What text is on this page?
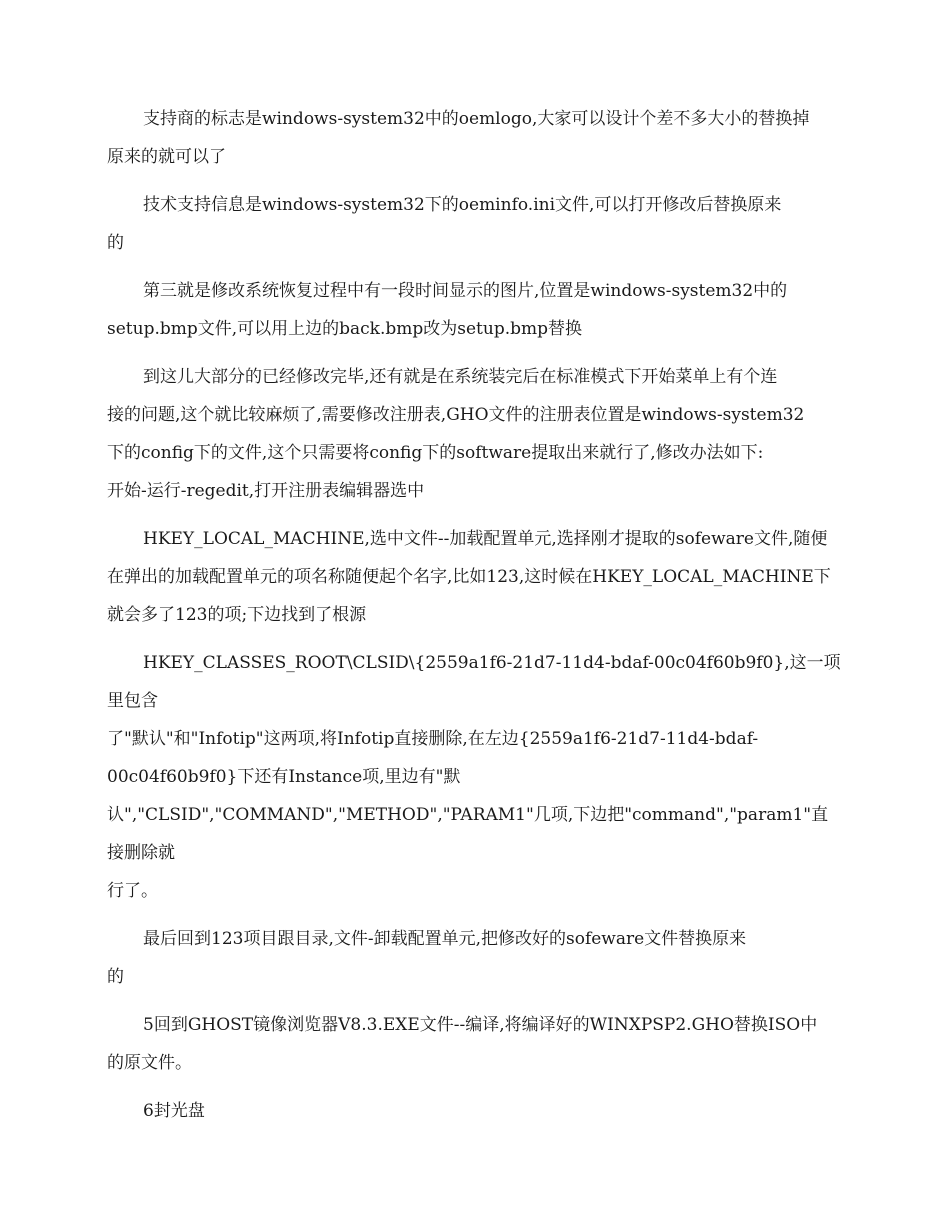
支持商的标志是windows-system32中的oemlogo,大家可以设计个差不多大小的替换掉
原来的就可以了

技术支持信息是windows-system32下的oeminfo.ini文件,可以打开修改后替换原来
的

第三就是修改系统恢复过程中有一段时间显示的图片,位置是windows-system32中的
setup.bmp文件,可以用上边的back.bmp改为setup.bmp替换

到这儿大部分的已经修改完毕,还有就是在系统装完后在标准模式下开始菜单上有个连
接的问题,这个就比较麻烦了,需要修改注册表,GHO文件的注册表位置是windows-system32
下的config下的文件,这个只需要将config下的software提取出来就行了,修改办法如下:
开始-运行-regedit,打开注册表编辑器选中

HKEY_LOCAL_MACHINE,选中文件--加载配置单元,选择刚才提取的sofeware文件,随便
在弹出的加载配置单元的项名称随便起个名字,比如123,这时候在HKEY_LOCAL_MACHINE下
就会多了123的项;下边找到了根源

HKEY_CLASSES_ROOT\CLSID\{2559a1f6-21d7-11d4-bdaf-00c04f60b9f0},这一项里包含
了"默认"和"Infotip"这两项,将Infotip直接删除,在左边{2559a1f6-21d7-11d4-bdaf-
00c04f60b9f0}下还有Instance项,里边有"默
认","CLSID","COMMAND","METHOD","PARAM1"几项,下边把"command","param1"直接删除就
行了。

最后回到123项目跟目录,文件-卸载配置单元,把修改好的sofeware文件替换原来
的

5回到GHOST镜像浏览器V8.3.EXE文件--编译,将编译好的WINXPSP2.GHO替换ISO中
的原文件。

6封光盘
